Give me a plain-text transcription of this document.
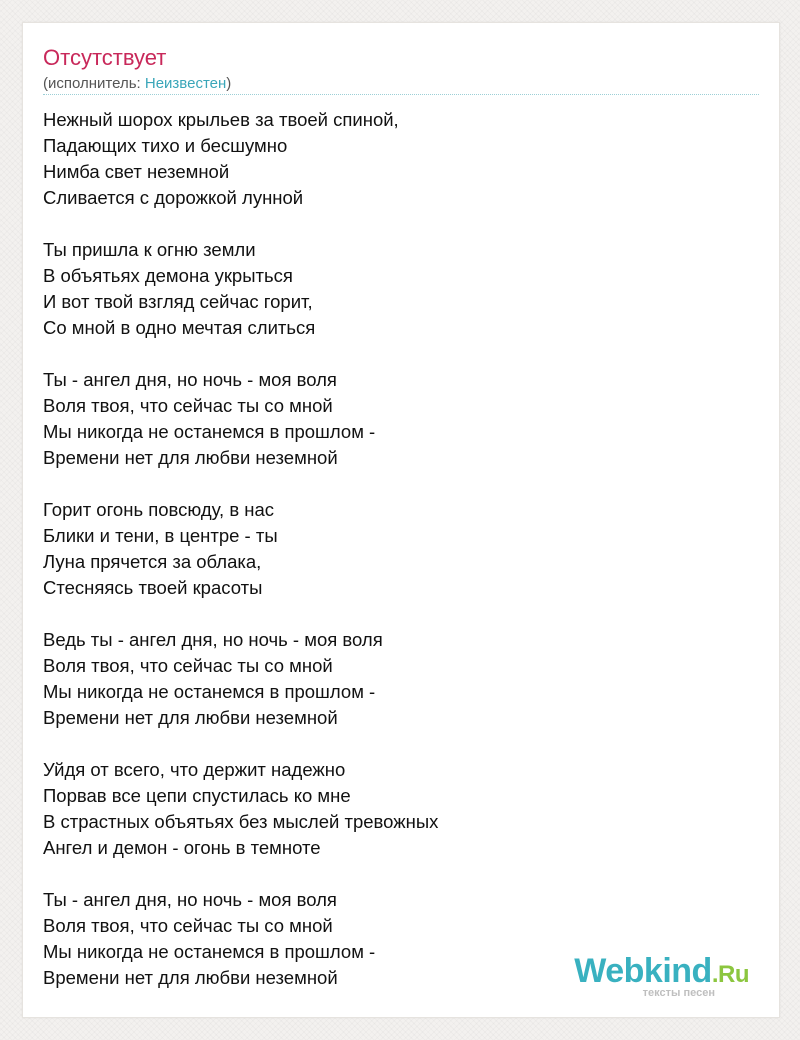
Отсутствует
(исполнитель: Неизвестен)
Нежный шорох крыльев за твоей спиной,
Падающих тихо и бесшумно
Нимба свет неземной
Сливается с дорожкой лунной
Ты пришла к огню земли
В объятьях демона укрыться
И вот твой взгляд сейчас горит,
Со мной в одно мечтая слиться
Ты - ангел дня, но ночь - моя воля
Воля твоя, что сейчас ты со мной
Мы никогда не останемся в прошлом -
Времени нет для любви неземной
Горит огонь повсюду, в нас
Блики и тени, в центре - ты
Луна прячется за облака,
Стесняясь твоей красоты
Ведь ты - ангел дня, но ночь - моя воля
Воля твоя, что сейчас ты со мной
Мы никогда не останемся в прошлом -
Времени нет для любви неземной
Уйдя от всего, что держит надежно
Порвав все цепи спустилась ко мне
В страстных объятьях без мыслей тревожных
Ангел и демон - огонь в темноте
Ты - ангел дня, но ночь - моя воля
Воля твоя, что сейчас ты со мной
Мы никогда не останемся в прошлом -
Времени нет для любви неземной	Webkind.Ru
тексты песен
